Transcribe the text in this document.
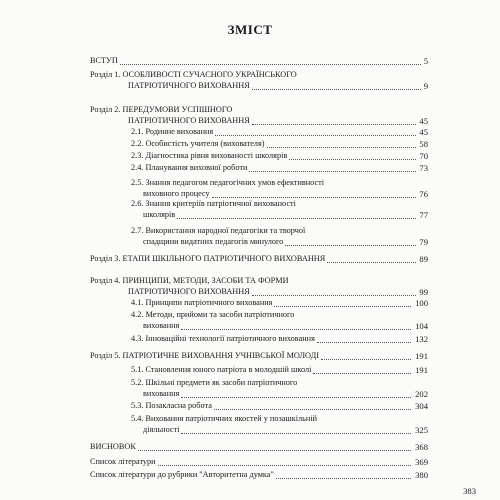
ЗМІСТ
ВСТУП	5
Розділ 1. ОСОБЛИВОСТІ СУЧАСНОГО УКРАЇНСЬКОГО
ПАТРІОТИЧНОГО ВИХОВАННЯ	9
Розділ 2. ПЕРЕДУМОВИ УСПІШНОГО
ПАТРІОТИЧНОГО ВИХОВАННЯ	45
2.1. Родинне виховання	45
2.2. Особистість учителя (вихователя)	58
2.3. Діагностика рівня вихованості школярів	70
2.4. Планування виховної роботи	73
2.5. Знання педагогом педагогічних умов ефективності
виховного процесу	76
2.6. Знання критеріїв патріотичної вихованості
школярів	77
2.7. Використання народної педагогіки та творчої
спадщини видатних педагогів минулого	79
Розділ 3. ЕТАПИ ШКІЛЬНОГО ПАТРІОТИЧНОГО ВИХОВАННЯ	89
Розділ 4. ПРИНЦИПИ, МЕТОДИ, ЗАСОБИ ТА ФОРМИ
ПАТРІОТИЧНОГО ВИХОВАННЯ	99
4.1. Принципи патріотичного виховання	100
4.2. Методи, прийоми та засоби патріотичного
виховання	104
4.3. Інноваційні технології патріотичного виховання	132
Розділ 5. ПАТРІОТИЧНЕ ВИХОВАННЯ УЧНІВСЬКОЇ МОЛОДІ	191
5.1. Становлення юного патріота в молодшій школі	191
5.2. Шкільні предмети як засоби патріотичного
виховання	202
5.3. Позакласна робота	304
5.4. Виховання патріотичних якостей у позашкільній
діяльності	325
ВИСНОВОК	368
Список літератури	369
Список літератури до рубрики "Авторитетна думка"	380
383
